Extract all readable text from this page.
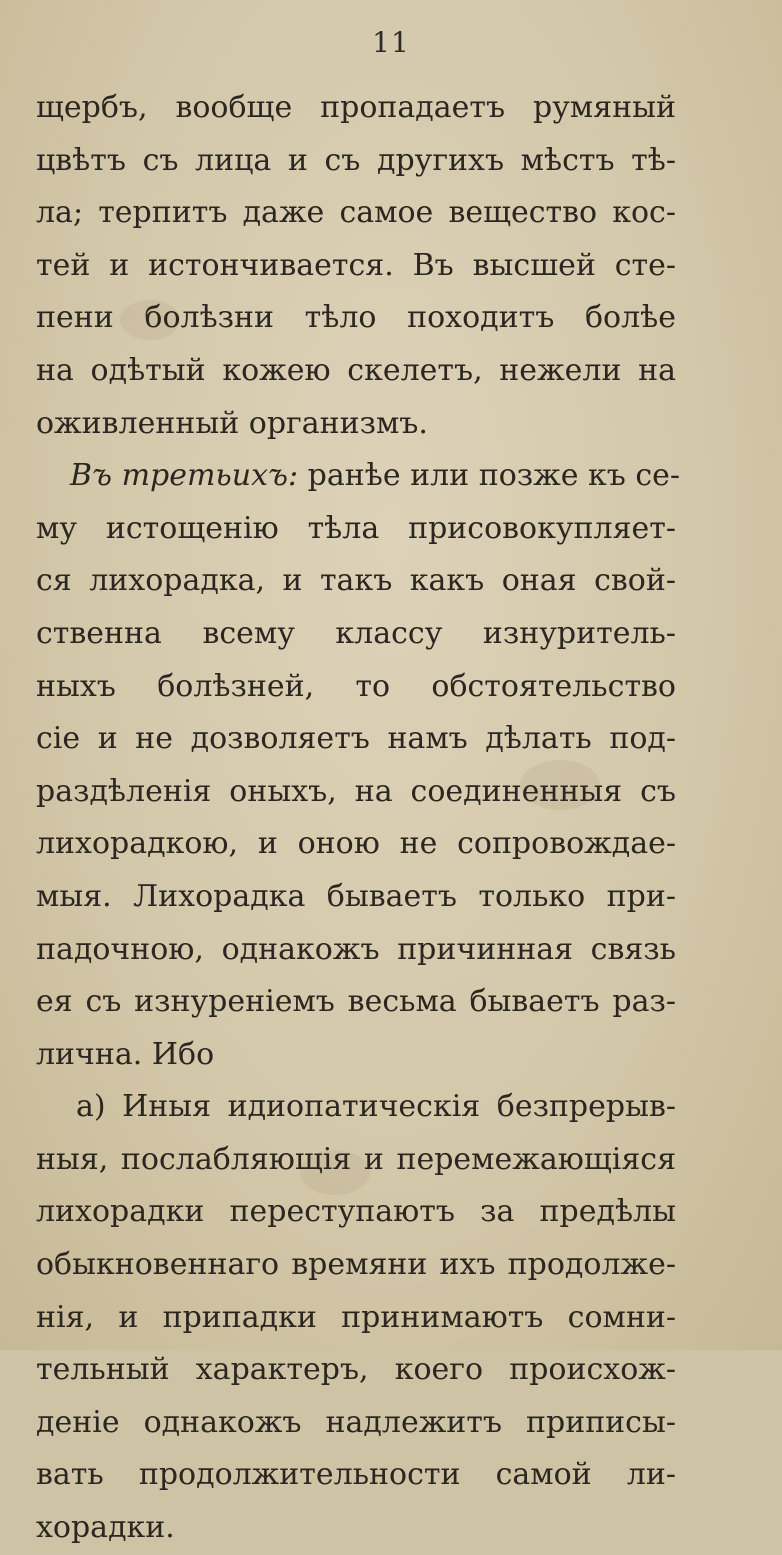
11
щербъ, вообще пропадаетъ румяный
цвѣтъ съ лица и съ другихъ мѣстъ тѣ-
ла; терпитъ даже самое вещество кос-
тей и истончивается. Въ высшей сте-
пени болѣзни тѣло походитъ болѣе
на одѣтый кожею скелетъ, нежели на
оживленный организмъ.
Въ третьихъ: ранѣе или позже къ се-
му истощенію тѣла присовокупляет-
ся лихорадка, и такъ какъ оная свой-
ственна всему классу изнуритель-
ныхъ болѣзней, то обстоятельство
сіе и не дозволяетъ намъ дѣлать под-
раздѣленія оныхъ, на соединенныя съ
лихорадкою, и оною не сопровождае-
мыя. Лихорадка бываетъ только при-
падочною, однакожъ причинная связь
ея съ изнуреніемъ весьма бываетъ раз-
лична. Ибо
а) Иныя идиопатическія безпрерыв-
ныя, послабляющія и перемежающіяся
лихорадки переступаютъ за предѣлы
обыкновеннаго времяни ихъ продолже-
нія, и припадки принимаютъ сомни-
тельный характеръ, коего происхож-
деніе однакожъ надлежитъ приписы-
вать продолжительности самой ли-
хорадки.
